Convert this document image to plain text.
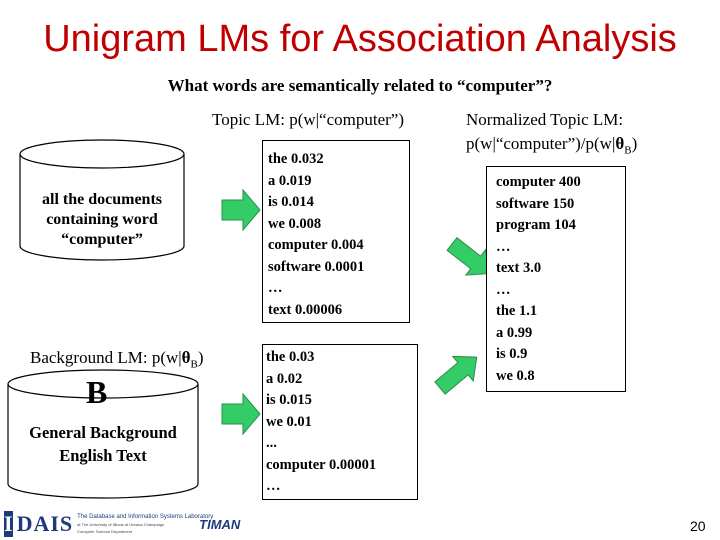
Unigram LMs for Association Analysis
What words are semantically related to “computer”?
all the documents
containing word
“computer”
Topic LM: p(w|“computer”)
the 0.032
a 0.019
is 0.014
we 0.008
computer 0.004
software 0.0001
…
text 0.00006
Normalized Topic LM:
$p(w|“computer”)/p(w|\theta_B)$
computer 400
software 150
program 104
…
text 3.0
…
the 1.1
a 0.99
is 0.9
we 0.8
Background LM: $p(w|\theta_B)$
B
General Background
English Text
the 0.03
a 0.02
is 0.015
we 0.01
...
computer 0.00001
…
I DAIS The Database and Information Systems Laboratory
at The University of Illinois at Urbana-Champaign
Computer Science Department	TIMAN	20
